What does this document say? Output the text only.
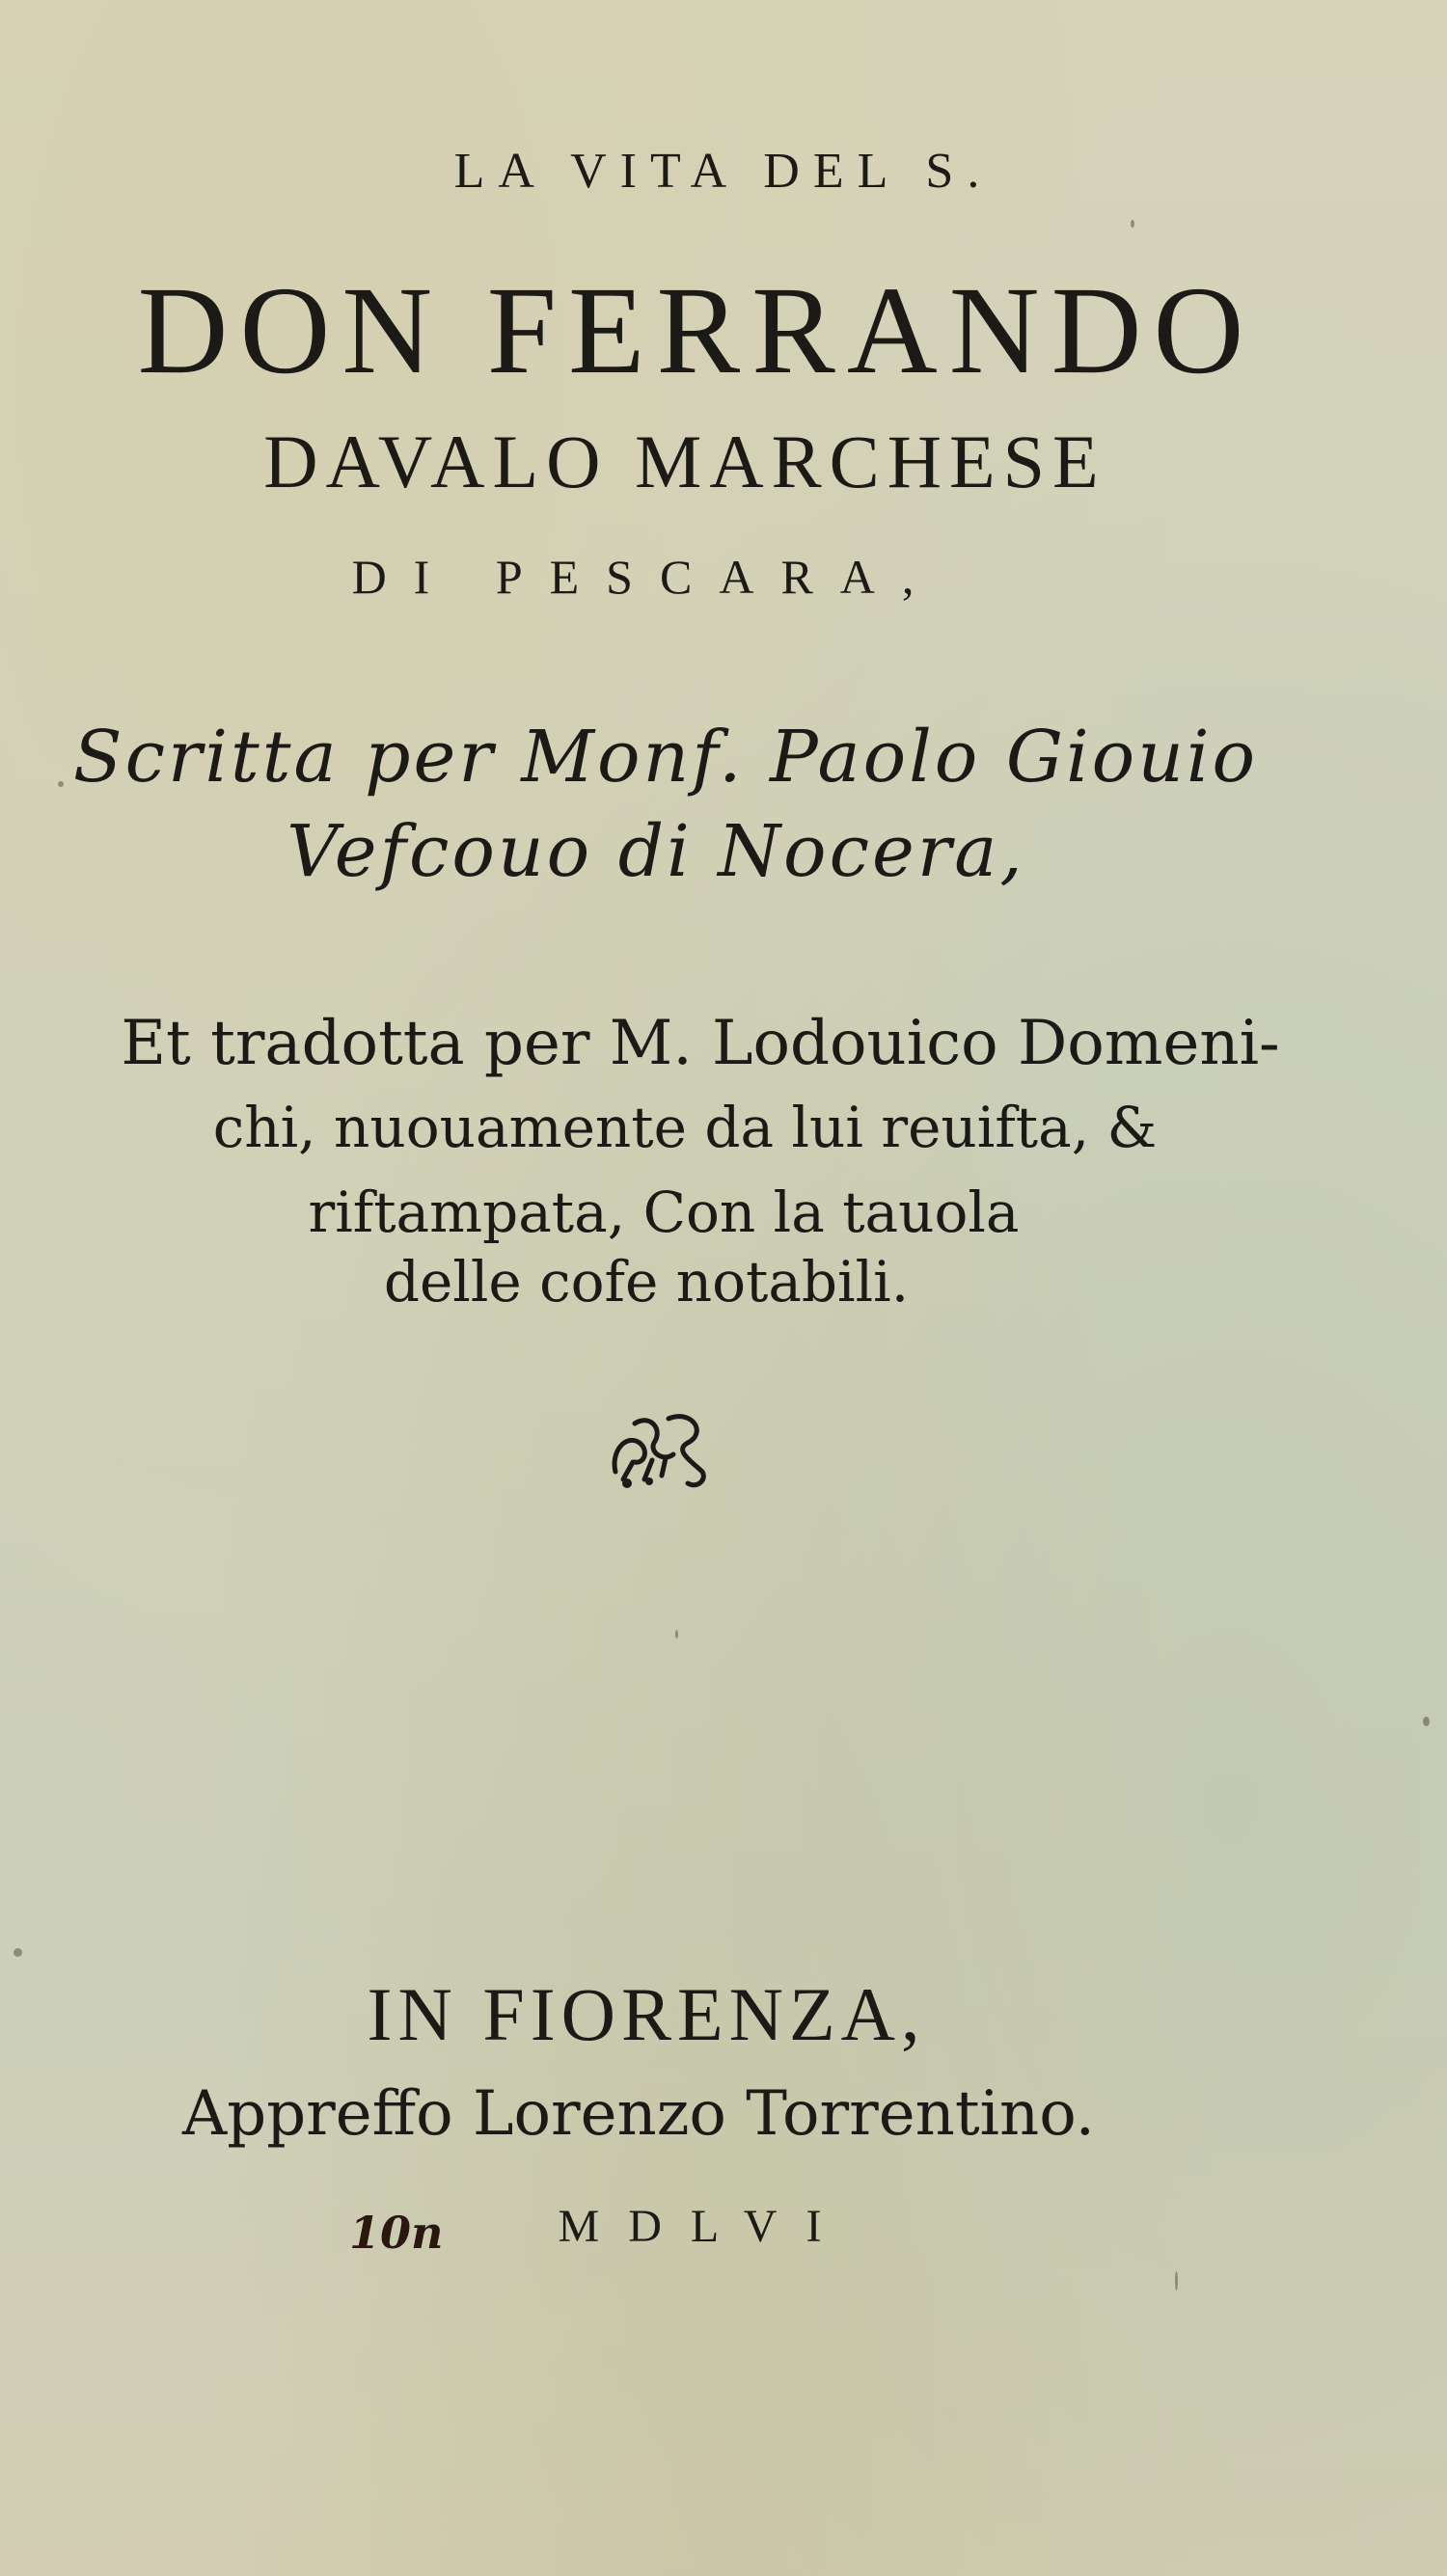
LA VITA DEL S.
DON FERRANDO
DAVALO MARCHESE
DI PESCARA,
Scritta per Monf. Paolo Giouio
Vefcouo di Nocera,
Et tradotta per M. Lodouico Domeni-
chi, nuouamente da lui reuifta, &
riftampata, Con la tauola
delle cofe notabili.
IN FIORENZA,
Appreffo Lorenzo Torrentino.
MDLVI
10n
